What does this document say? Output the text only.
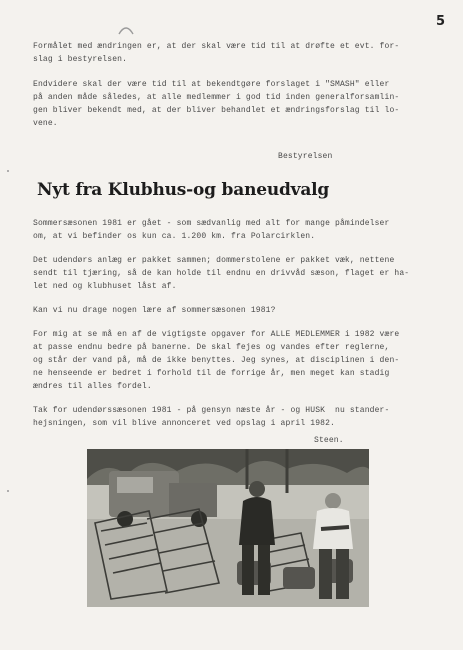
5
Formålet med ændringen er, at der skal være tid til at drøfte et evt. for-
slag i bestyrelsen.
Endvidere skal der være tid til at bekendtgøre forslaget i "SMASH" eller
på anden måde således, at alle medlemmer i god tid inden generalforsamlin-
gen bliver bekendt med, at der bliver behandlet et ændringsforslag til lo-
vene.
Bestyrelsen
Nyt fra Klubhus-og baneudvalg
Sommersæsonen 1981 er gået - som sædvanlig med alt for mange påmindelser
om, at vi befinder os kun ca. 1.200 km. fra Polarcirklen.
Det udendørs anlæg er pakket sammen; dommerstolene er pakket væk, nettene
sendt til tjæring, så de kan holde til endnu en drivvåd sæson, flaget er ha-
let ned og klubhuset låst af.
Kan vi nu drage nogen lære af sommersæsonen 1981?
For mig at se må en af de vigtigste opgaver for ALLE MEDLEMMER i 1982 være
at passe endnu bedre på banerne. De skal fejes og vandes efter reglerne,
og står der vand på, må de ikke benyttes. Jeg synes, at disciplinen i den-
ne henseende er bedret i forhold til de forrige år, men meget kan stadig
ændres til alles fordel.
Tak for udendørssæsonen 1981 - på gensyn næste år - og HUSK  nu stander-
hejsningen, som vil blive annonceret ved opslag i april 1982.
Steen.
